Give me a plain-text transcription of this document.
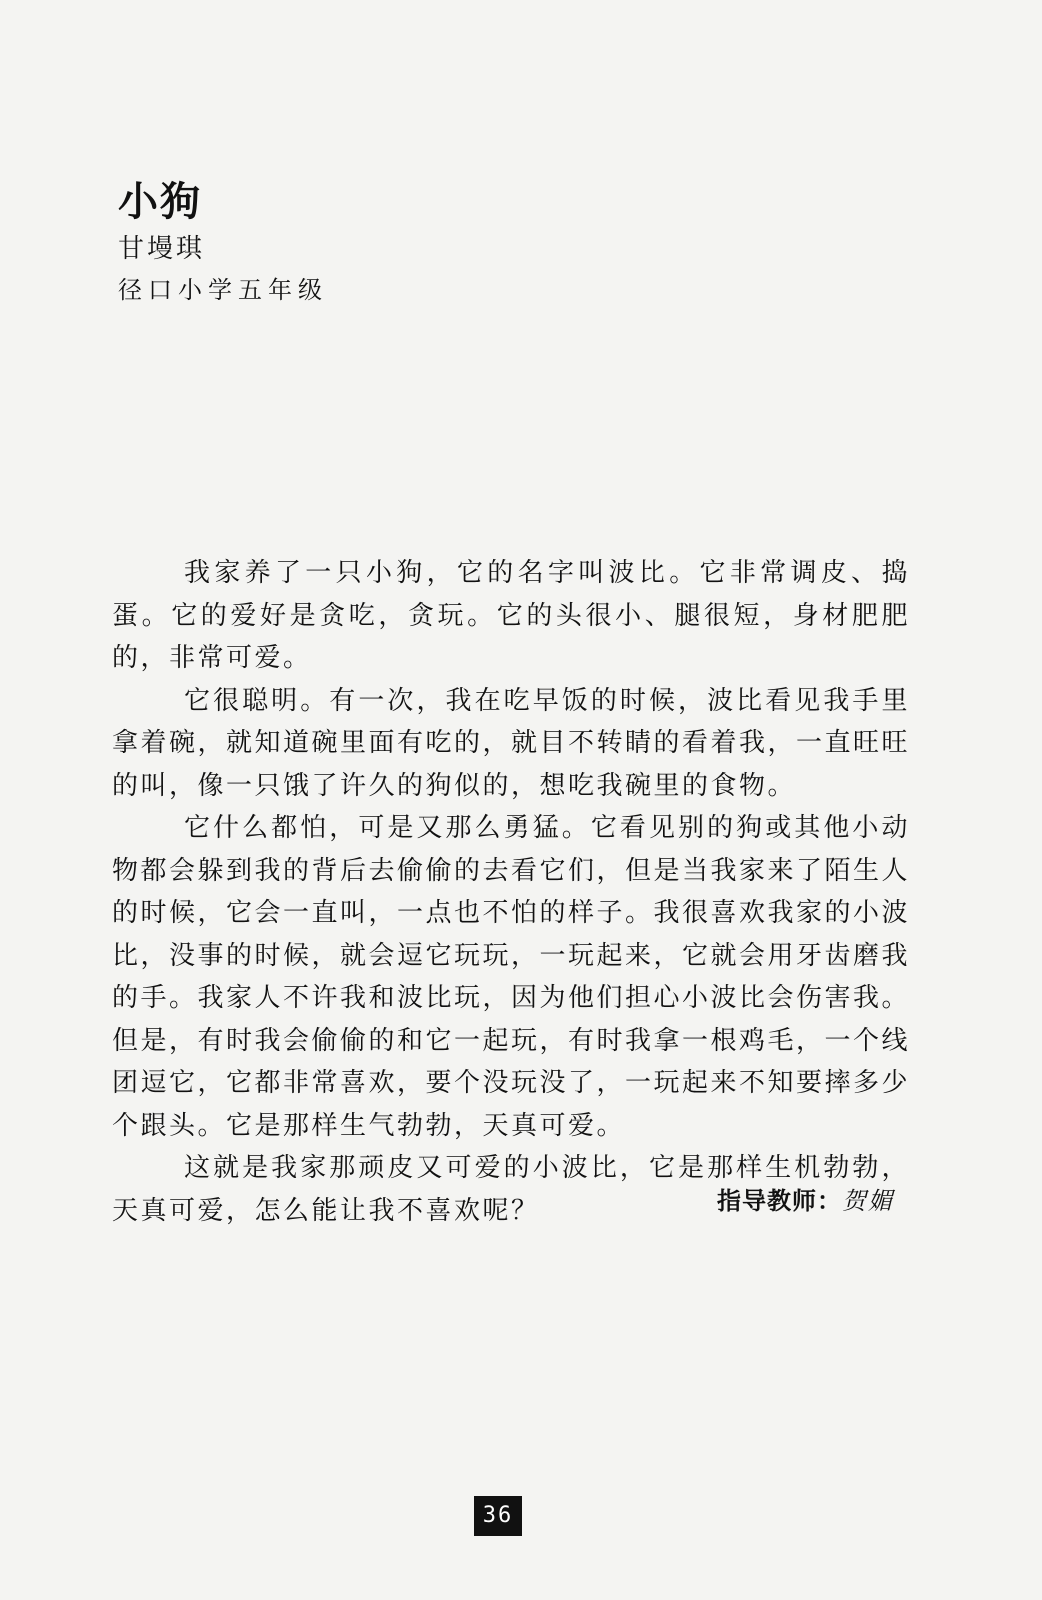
小狗
甘墁琪
径口小学五年级

我家养了一只小狗，它的名字叫波比。它非常调皮、捣蛋。它的爱好是贪吃，贪玩。它的头很小、腿很短，身材肥肥的，非常可爱。

它很聪明。有一次，我在吃早饭的时候，波比看见我手里拿着碗，就知道碗里面有吃的，就目不转睛的看着我，一直旺旺的叫，像一只饿了许久的狗似的，想吃我碗里的食物。

它什么都怕，可是又那么勇猛。它看见别的狗或其他小动物都会躲到我的背后去偷偷的去看它们，但是当我家来了陌生人的时候，它会一直叫，一点也不怕的样子。我很喜欢我家的小波比，没事的时候，就会逗它玩玩，一玩起来，它就会用牙齿磨我的手。我家人不许我和波比玩，因为他们担心小波比会伤害我。但是，有时我会偷偷的和它一起玩，有时我拿一根鸡毛，一个线团逗它，它都非常喜欢，要个没玩没了，一玩起来不知要摔多少个跟头。它是那样生气勃勃，天真可爱。

这就是我家那顽皮又可爱的小波比，它是那样生机勃勃，天真可爱，怎么能让我不喜欢呢？	指导教师：贺媚
36
